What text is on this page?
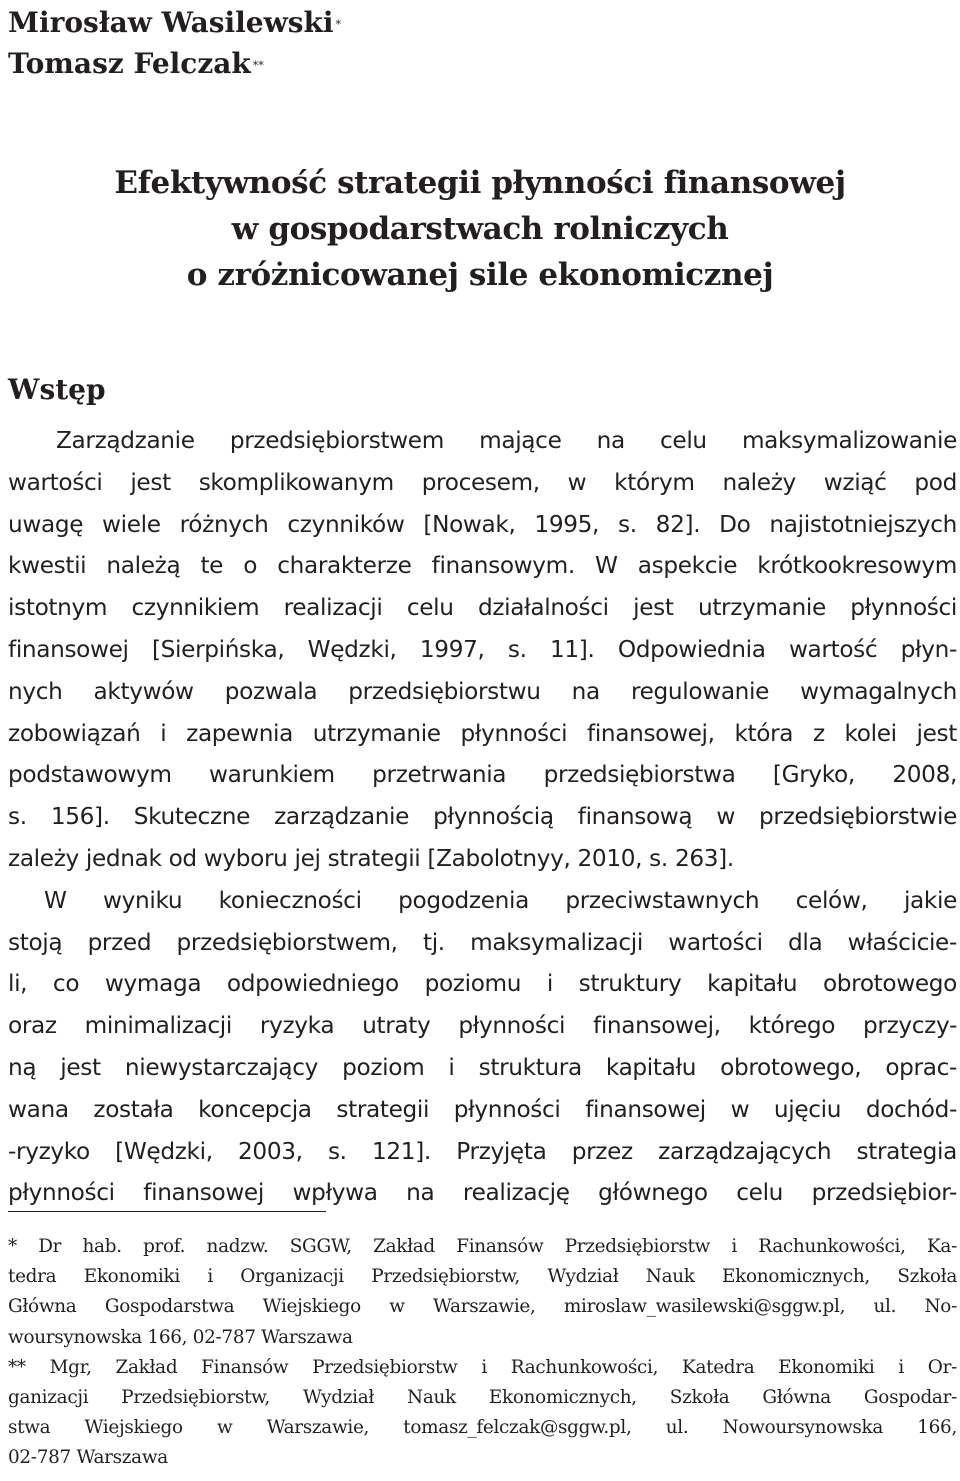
Mirosław Wasilewski *
Tomasz Felczak **
Efektywność strategii płynności finansowej
w gospodarstwach rolniczych
o zróżnicowanej sile ekonomicznej
Wstęp
Zarządzanie przedsiębiorstwem mające na celu maksymalizowanie
wartości jest skomplikowanym procesem, w którym należy wziąć pod
uwagę wiele różnych czynników [Nowak, 1995, s. 82]. Do najistotniejszych
kwestii należą te o charakterze finansowym. W aspekcie krótkookresowym
istotnym czynnikiem realizacji celu działalności jest utrzymanie płynności
finansowej [Sierpińska, Wędzki, 1997, s. 11]. Odpowiednia wartość płyn-
nych aktywów pozwala przedsiębiorstwu na regulowanie wymagalnych
zobowiązań i zapewnia utrzymanie płynności finansowej, która z kolei jest
podstawowym warunkiem przetrwania przedsiębiorstwa [Gryko, 2008,
s. 156]. Skuteczne zarządzanie płynnością finansową w przedsiębiorstwie
zależy jednak od wyboru jej strategii [Zabolotnyy, 2010, s. 263].
W wyniku konieczności pogodzenia przeciwstawnych celów, jakie
stoją przed przedsiębiorstwem, tj. maksymalizacji wartości dla właścicie-
li, co wymaga odpowiedniego poziomu i struktury kapitału obrotowego
oraz minimalizacji ryzyka utraty płynności finansowej, którego przyczy-
ną jest niewystarczający poziom i struktura kapitału obrotowego, oprac-
wana została koncepcja strategii płynności finansowej w ujęciu dochód-
-ryzyko [Wędzki, 2003, s. 121]. Przyjęta przez zarządzających strategia
płynności finansowej wpływa na realizację głównego celu przedsiębior-
* Dr hab. prof. nadzw. SGGW, Zakład Finansów Przedsiębiorstw i Rachunkowości, Ka-
tedra Ekonomiki i Organizacji Przedsiębiorstw, Wydział Nauk Ekonomicznych, Szkoła
Główna Gospodarstwa Wiejskiego w Warszawie, miroslaw_wasilewski@sggw.pl, ul. No-
woursynowska 166, 02-787 Warszawa
** Mgr, Zakład Finansów Przedsiębiorstw i Rachunkowości, Katedra Ekonomiki i Or-
ganizacji Przedsiębiorstw, Wydział Nauk Ekonomicznych, Szkoła Główna Gospodar-
stwa Wiejskiego w Warszawie, tomasz_felczak@sggw.pl, ul. Nowoursynowska 166,
02-787 Warszawa
